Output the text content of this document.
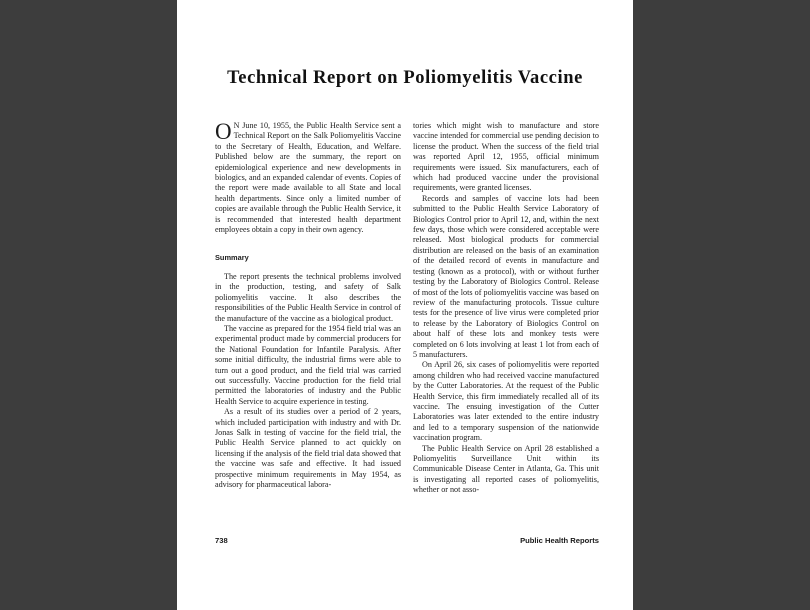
Technical Report on Poliomyelitis Vaccine

O N June 10, 1955, the Public Health Service sent a Technical Report on the Salk Poliomyelitis Vaccine to the Secretary of Health, Education, and Welfare. Published below are the summary, the report on epidemiological experience and new developments in biologics, and an expanded calendar of events. Copies of the report were made available to all State and local health departments. Since only a limited number of copies are available through the Public Health Service, it is recommended that interested health department employees obtain a copy in their own agency.

Summary

The report presents the technical problems involved in the production, testing, and safety of Salk poliomyelitis vaccine. It also describes the responsibilities of the Public Health Service in control of the manufacture of the vaccine as a biological product.

The vaccine as prepared for the 1954 field trial was an experimental product made by commercial producers for the National Foundation for Infantile Paralysis. After some initial difficulty, the industrial firms were able to turn out a good product, and the field trial was carried out successfully. Vaccine production for the field trial permitted the laboratories of industry and the Public Health Service to acquire experience in testing.

As a result of its studies over a period of 2 years, which included participation with industry and with Dr. Jonas Salk in testing of vaccine for the field trial, the Public Health Service planned to act quickly on licensing if the analysis of the field trial data showed that the vaccine was safe and effective. It had issued prospective minimum requirements in May 1954, as advisory for pharmaceutical labora-

tories which might wish to manufacture and store vaccine intended for commercial use pending decision to license the product. When the success of the field trial was reported April 12, 1955, official minimum requirements were issued. Six manufacturers, each of which had produced vaccine under the provisional requirements, were granted licenses.

Records and samples of vaccine lots had been submitted to the Public Health Service Laboratory of Biologics Control prior to April 12, and, within the next few days, those which were considered acceptable were released. Most biological products for commercial distribution are released on the basis of an examination of the detailed record of events in manufacture and testing (known as a protocol), with or without further testing by the Laboratory of Biologics Control. Release of most of the lots of poliomyelitis vaccine was based on review of the manufacturing protocols. Tissue culture tests for the presence of live virus were completed prior to release by the Laboratory of Biologics Control on about half of these lots and monkey tests were completed on 6 lots involving at least 1 lot from each of 5 manufacturers.

On April 26, six cases of poliomyelitis were reported among children who had received vaccine manufactured by the Cutter Laboratories. At the request of the Public Health Service, this firm immediately recalled all of its vaccine. The ensuing investigation of the Cutter Laboratories was later extended to the entire industry and led to a temporary suspension of the nationwide vaccination program.

The Public Health Service on April 28 established a Poliomyelitis Surveillance Unit within its Communicable Disease Center in Atlanta, Ga. This unit is investigating all reported cases of poliomyelitis, whether or not asso-

738	Public Health Reports
